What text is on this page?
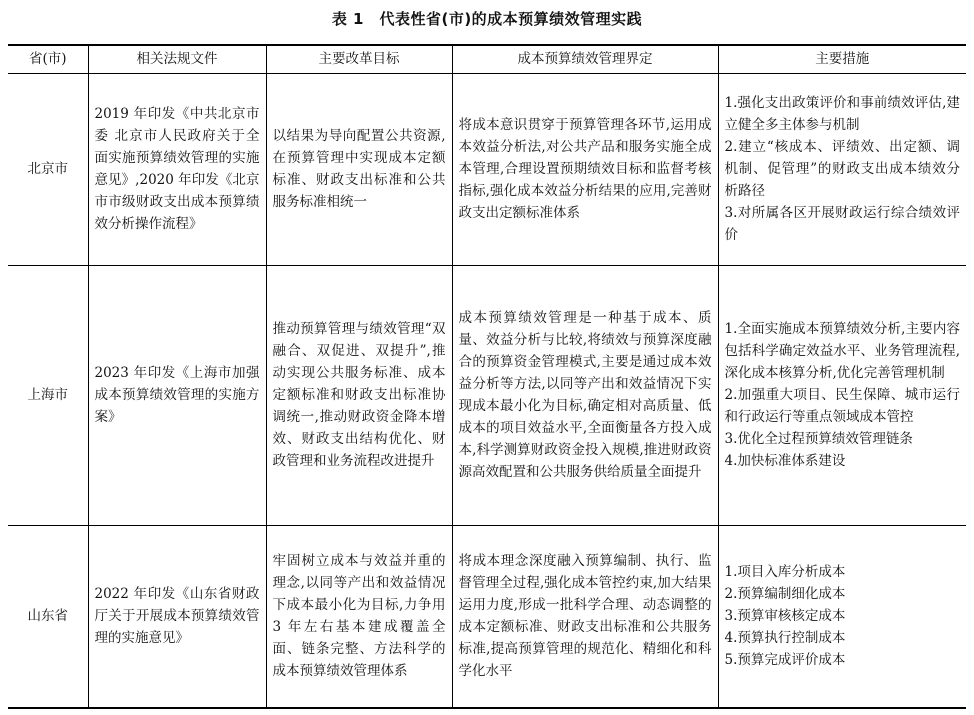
表 1　代表性省(市)的成本预算绩效管理实践
省(市)	相关法规文件	主要改革目标	成本预算绩效管理界定	主要措施
北京市	2019 年印发《中共北京市委 北京市人民政府关于全面实施预算绩效管理的实施意见》,2020 年印发《北京市市级财政支出成本预算绩效分析操作流程》	以结果为导向配置公共资源,在预算管理中实现成本定额标准、财政支出标准和公共服务标准相统一	将成本意识贯穿于预算管理各环节,运用成本效益分析法,对公共产品和服务实施全成本管理,合理设置预期绩效目标和监督考核指标,强化成本效益分析结果的应用,完善财政支出定额标准体系	1.强化支出政策评价和事前绩效评估,建立健全多主体参与机制
2.建立“核成本、评绩效、出定额、调机制、促管理”的财政支出成本绩效分析路径
3.对所属各区开展财政运行综合绩效评价

上海市	2023 年印发《上海市加强成本预算绩效管理的实施方案》	推动预算管理与绩效管理“双融合、双促进、双提升”,推动实现公共服务标准、成本定额标准和财政支出标准协调统一,推动财政资金降本增效、财政支出结构优化、财政管理和业务流程改进提升	成本预算绩效管理是一种基于成本、质量、效益分析与比较,将绩效与预算深度融合的预算资金管理模式,主要是通过成本效益分析等方法,以同等产出和效益情况下实现成本最小化为目标,确定相对高质量、低成本的项目效益水平,全面衡量各方投入成本,科学测算财政资金投入规模,推进财政资源高效配置和公共服务供给质量全面提升	1.全面实施成本预算绩效分析,主要内容包括科学确定效益水平、业务管理流程,深化成本核算分析,优化完善管理机制
2.加强重大项目、民生保障、城市运行和行政运行等重点领域成本管控
3.优化全过程预算绩效管理链条
4.加快标准体系建设

山东省	2022 年印发《山东省财政厅关于开展成本预算绩效管理的实施意见》	牢固树立成本与效益并重的理念,以同等产出和效益情况下成本最小化为目标,力争用 3 年左右基本建成覆盖全面、链条完整、方法科学的成本预算绩效管理体系	将成本理念深度融入预算编制、执行、监督管理全过程,强化成本管控约束,加大结果运用力度,形成一批科学合理、动态调整的成本定额标准、财政支出标准和公共服务标准,提高预算管理的规范化、精细化和科学化水平	1.项目入库分析成本
2.预算编制细化成本
3.预算审核核定成本
4.预算执行控制成本
5.预算完成评价成本
